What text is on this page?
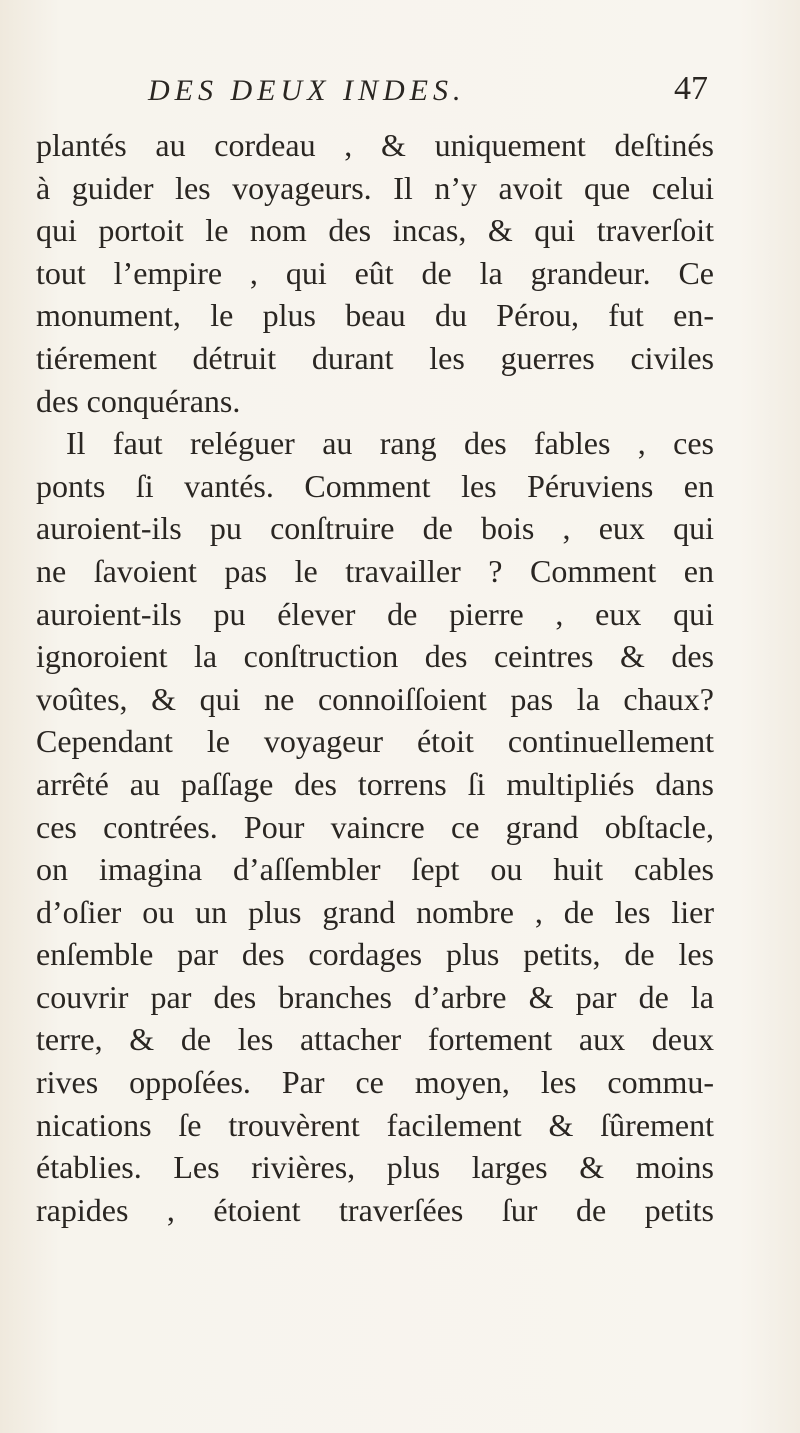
DES DEUX INDES.	47
plantés au cordeau , & uniquement deſtinés
à guider les voyageurs. Il n’y avoit que celui
qui portoit le nom des incas, & qui traverſoit
tout l’empire , qui eût de la grandeur. Ce
monument, le plus beau du Pérou, fut en-
tiérement détruit durant les guerres civiles
des conquérans.
Il faut reléguer au rang des fables , ces
ponts ſi vantés. Comment les Péruviens en
auroient-ils pu conſtruire de bois , eux qui
ne ſavoient pas le travailler ? Comment en
auroient-ils pu élever de pierre , eux qui
ignoroient la conſtruction des ceintres & des
voûtes, & qui ne connoiſſoient pas la chaux?
Cependant le voyageur étoit continuellement
arrêté au paſſage des torrens ſi multipliés dans
ces contrées. Pour vaincre ce grand obſtacle,
on imagina d’aſſembler ſept ou huit cables
d’oſier ou un plus grand nombre , de les lier
enſemble par des cordages plus petits, de les
couvrir par des branches d’arbre & par de la
terre, & de les attacher fortement aux deux
rives oppoſées. Par ce moyen, les commu-
nications ſe trouvèrent facilement & ſûrement
établies. Les rivières, plus larges & moins
rapides , étoient traverſées ſur de petits
